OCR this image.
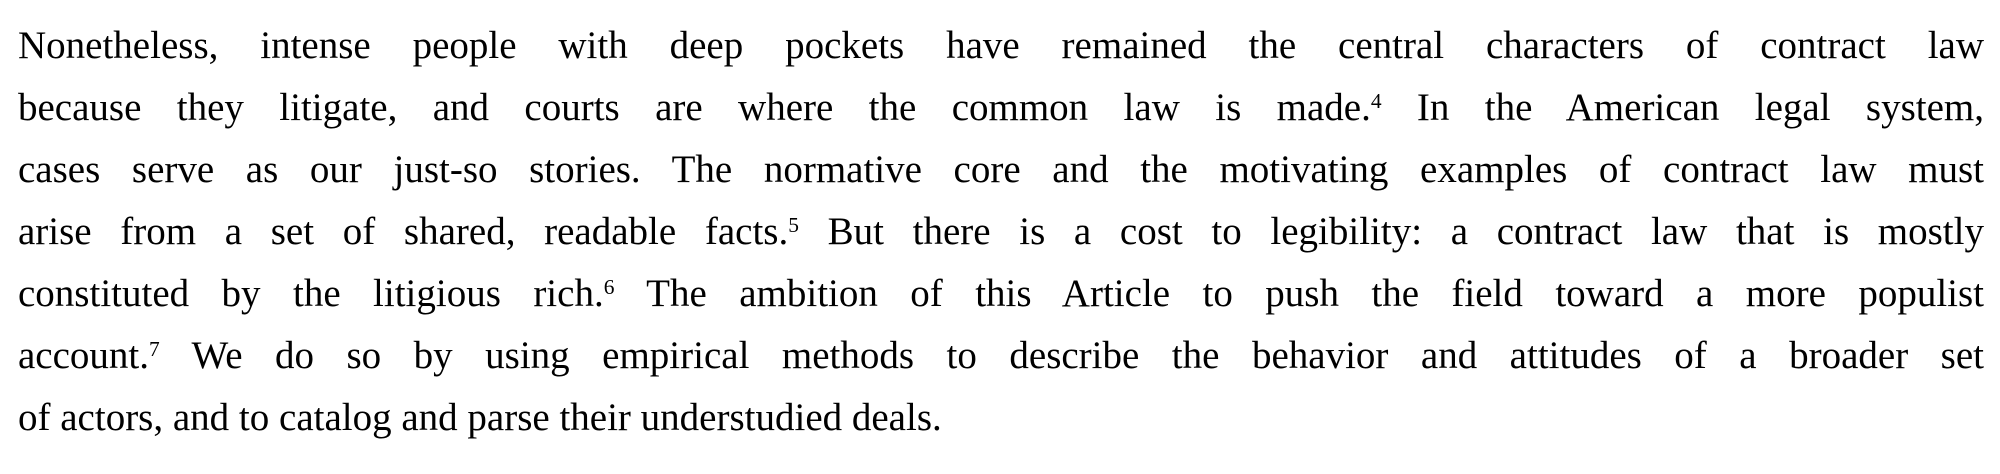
Nonetheless, intense people with deep pockets have remained the central characters of contract law
because they litigate, and courts are where the common law is made.$^4$ In the American legal system,
cases serve as our just-so stories. The normative core and the motivating examples of contract law must
arise from a set of shared, readable facts.$^5$ But there is a cost to legibility: a contract law that is mostly
constituted by the litigious rich.$^6$ The ambition of this Article to push the field toward a more populist
account.$^7$ We do so by using empirical methods to describe the behavior and attitudes of a broader set
of actors, and to catalog and parse their understudied deals.
